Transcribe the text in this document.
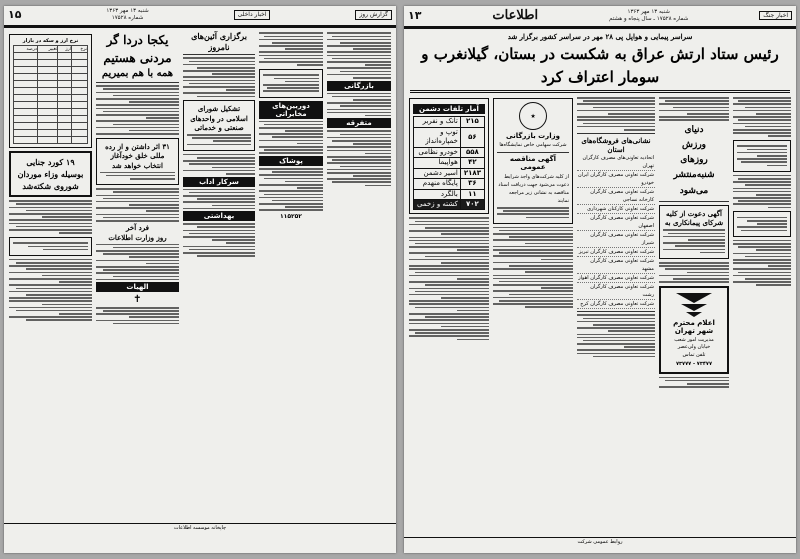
اخبار جنگ
شنبه ۱۳ مهر ۱۳۶۳
شماره ۱۷۵۲۸ ـ سال پنجاه و هشتم
اطلاعات
۱۳
سراسر پیمایی و هوا‌پل پی ۲۸ مهر در سراسر کشور برگزار شد
رئیس ستاد ارتش عراق به شکست در بستان، گیلانغرب و سومار اعتراف کرد
دنیای
ورزش
روزهای
شنبه‌منتشر
می‌شود
آگهی دعوت از کلیه شرکای پیمانکاری به
اعلام محترم شهر تهران
مدیریت امور شعب
خیابان ولی‌عصر
تلفن تماس
۷۳۴۷۷ - ۷۳۷۷۷
نشانی‌های فروشگاه‌های استان
اتحادیه تعاونی‌های مصرف کارگران تهران
شرکت تعاونی مصرف کارگران ایران خودرو
شرکت تعاونی مصرف کارگران کارخانه نساجی
شرکت تعاونی کارکنان شهرداری
شرکت تعاونی مصرف کارگران اصفهان
شرکت تعاونی مصرف کارگران شیراز
شرکت تعاونی مصرف کارگران تبریز
شرکت تعاونی مصرف کارگران مشهد
شرکت تعاونی مصرف کارگران اهواز
شرکت تعاونی مصرف کارگران رشت
شرکت تعاونی مصرف کارگران کرج
★
وزارت بازرگانی
شرکت سهامی خاص نمایشگاه‌ها
آگهی مناقصه عمومی
از کلیه شرکت‌های واجد شرایط دعوت می‌شود جهت دریافت اسناد مناقصه به نشانی زیر مراجعه نمایند
آمار تلفات دشمن
۲۱۵	تانک و نفربر
۵۶	توپ و خمپاره‌انداز
۵۵۸	خودرو نظامی
۴۲	هواپیما
۲۱۸۳	اسیر دشمن
۳۶	پایگاه منهدم
۱۱	بالگرد
۷۰۲	کشته و زخمی
روابط عمومی شرکت
گزارش روز
اخبار داخلی
شنبه ۱۳ مهر ۱۳۶۳
شماره ۱۷۵۲۸
۱۵
بازرگانی
متفرقه
دوربین‌های مخابراتی
پوشاک
۱۱۵۲۵۲
برگزاری آئین‌های نامروز
تشکیل شورای اسلامی در واحد‌های صنعتی و خدماتی
سرکار اداب
بهداشتی
یکجا دردا گر مردنی هستیم
همه با هم بمیریم
۳۱ اثر داشتن و از رده مللی خلق خودآغاز انتخاب خواهد شد
فرد آخر
روز وزارت اطلاعات
الهیات
✝
نرخ ارز و سکه در بازار
نرخ	ارز	تغییر	درصد

۱۹ کورد جنایی بوسیله وزاء موردان شوروی شکته‌شد
چاپخانه موسسه اطلاعات
